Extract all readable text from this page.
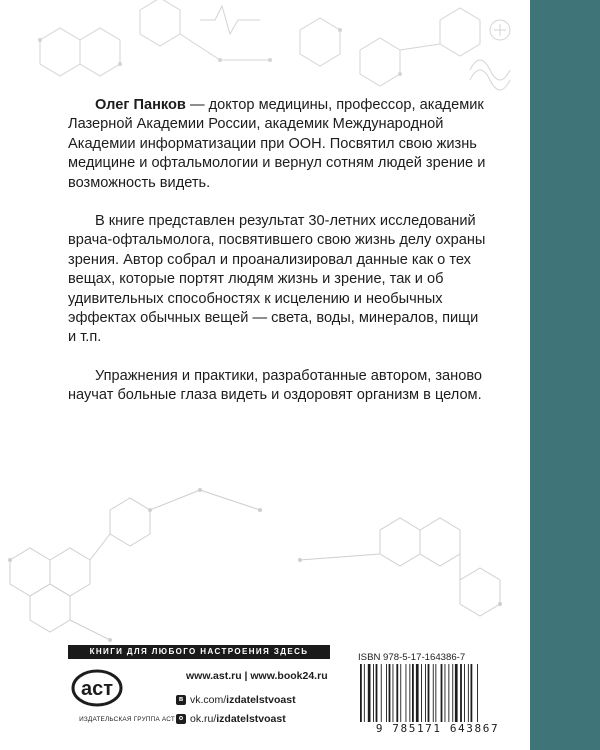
Олег Панков — доктор медицины, профессор, академик Лазерной Академии России, академик Международной Академии информатизации при ООН. Посвятил свою жизнь медицине и офтальмологии и вернул сотням людей зрение и возможность видеть.

В книге представлен результат 30-летних исследований врача-офтальмолога, посвятившего свою жизнь делу охраны зрения. Автор собрал и проанализировал данные как о тех вещах, которые портят людям жизнь и зрение, так и об удивительных способностях к исцелению и необычных эффектах обычных вещей — света, воды, минералов, пищи и т.п.

Упражнения и практики, разработанные автором, заново научат больные глаза видеть и оздоровят организм в целом.

КНИГИ ДЛЯ ЛЮБОГО НАСТРОЕНИЯ ЗДЕСЬ
аст
ИЗДАТЕЛЬСКАЯ ГРУППА АСТ
www.ast.ru | www.book24.ru
в vk.com/ izdatelstvoast
о ok.ru/ izdatelstvoast
ISBN 978-5-17-164386-7
9 785171 643867
